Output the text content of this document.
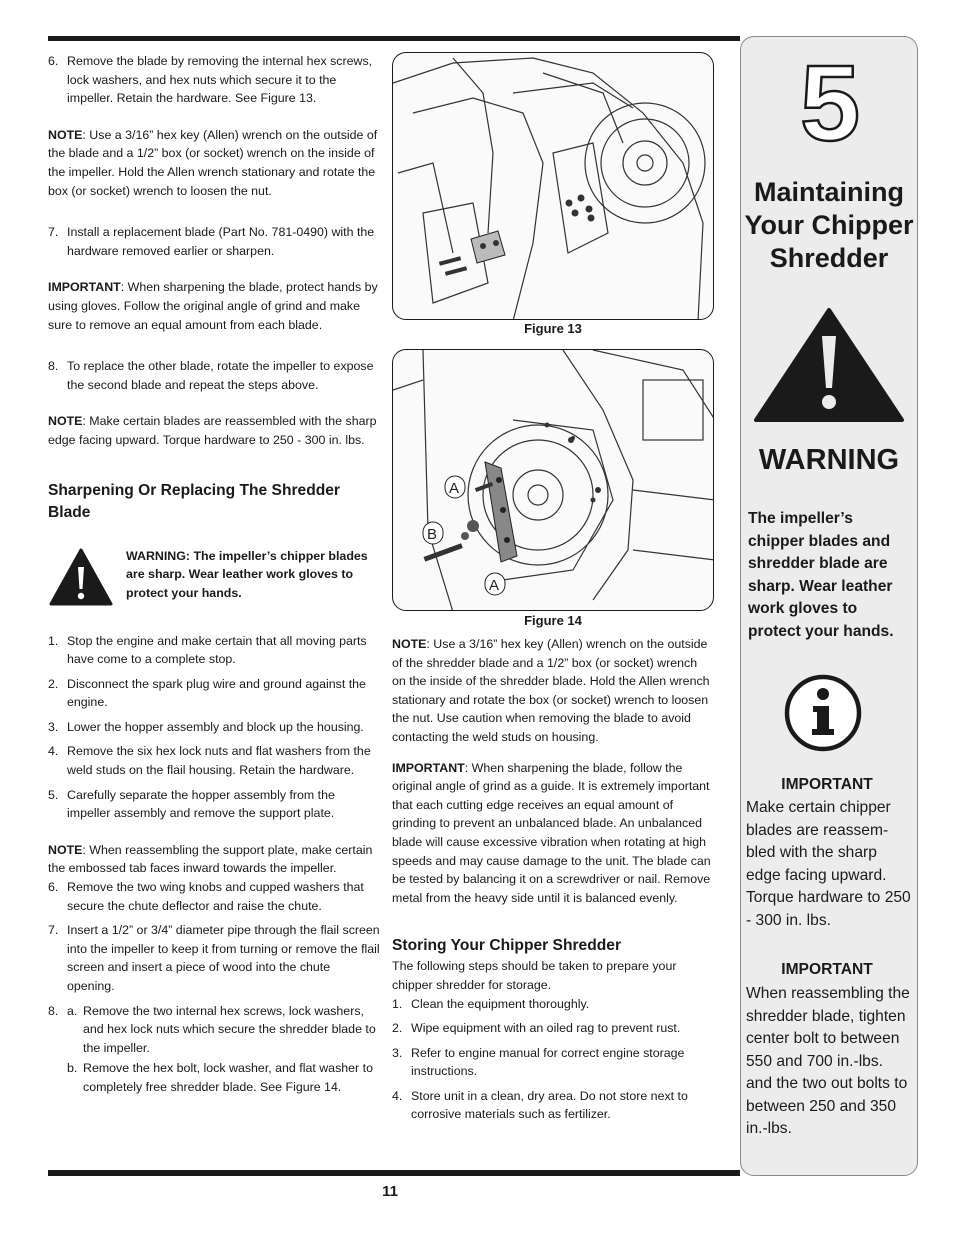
6. Remove the blade by removing the internal hex screws, lock washers, and hex nuts which secure it to the impeller. Retain the hardware. See Figure 13.

NOTE: Use a 3/16” hex key (Allen) wrench on the outside of the blade and a 1/2” box (or socket) wrench on the inside of the impeller. Hold the Allen wrench stationary and rotate the box (or socket) wrench to loosen the nut.

7. Install a replacement blade (Part No. 781-0490) with the hardware removed earlier or sharpen.

IMPORTANT: When sharpening the blade, protect hands by using gloves. Follow the original angle of grind and make sure to remove an equal amount from each blade.

8. To replace the other blade, rotate the impeller to expose the second blade and repeat the steps above.

NOTE: Make certain blades are reassembled with the sharp edge facing upward. Torque hardware to 250 - 300 in. lbs.

Sharpening Or Replacing The Shredder Blade
WARNING: The impeller’s chipper blades are sharp. Wear leather work gloves to protect your hands.
1. Stop the engine and make certain that all moving parts have come to a complete stop.
2. Disconnect the spark plug wire and ground against the engine.
3. Lower the hopper assembly and block up the housing.
4. Remove the six hex lock nuts and flat washers from the weld studs on the flail housing. Retain the hardware.
5. Carefully separate the hopper assembly from the impeller assembly and remove the support plate.

NOTE: When reassembling the support plate, make certain the embossed tab faces inward towards the impeller.

6. Remove the two wing knobs and cupped washers that secure the chute deflector and raise the chute.
7. Insert a 1/2” or 3/4” diameter pipe through the flail screen into the impeller to keep it from turning or remove the flail screen and insert a piece of wood into the chute opening.
8. a. Remove the two internal hex screws, lock washers, and hex lock nuts which secure the shredder blade to the impeller.
b. Remove the hex bolt, lock washer, and flat washer to completely free shredder blade. See Figure 14.
Figure 13
A
B
A
Figure 14

NOTE: Use a 3/16” hex key (Allen) wrench on the outside of the shredder blade and a 1/2” box (or socket) wrench on the inside of the shredder blade. Hold the Allen wrench stationary and rotate the box (or socket) wrench to loosen the nut. Use caution when removing the blade to avoid contacting the weld studs on housing.

IMPORTANT: When sharpening the blade, follow the original angle of grind as a guide. It is extremely important that each cutting edge receives an equal amount of grinding to prevent an unbalanced blade. An unbalanced blade will cause excessive vibration when rotating at high speeds and may cause damage to the unit. The blade can be tested by balancing it on a screwdriver or nail. Remove metal from the heavy side until it is balanced evenly.

Storing Your Chipper Shredder

The following steps should be taken to prepare your chipper shredder for storage.

1. Clean the equipment thoroughly.
2. Wipe equipment with an oiled rag to prevent rust.
3. Refer to engine manual for correct engine storage instructions.
4. Store unit in a clean, dry area. Do not store next to corrosive materials such as fertilizer.
5
Maintaining Your Chipper Shredder
WARNING
The impeller’s chipper blades and shredder blade are sharp. Wear leather work gloves to protect your hands.
IMPORTANT
Make certain chipper blades are reassem-bled with the sharp edge facing upward. Torque hardware to 250 - 300 in. lbs.
IMPORTANT
When reassembling the shredder blade, tighten center bolt to between 550 and 700 in.-lbs. and the two out bolts to between 250 and 350 in.-lbs.
11
